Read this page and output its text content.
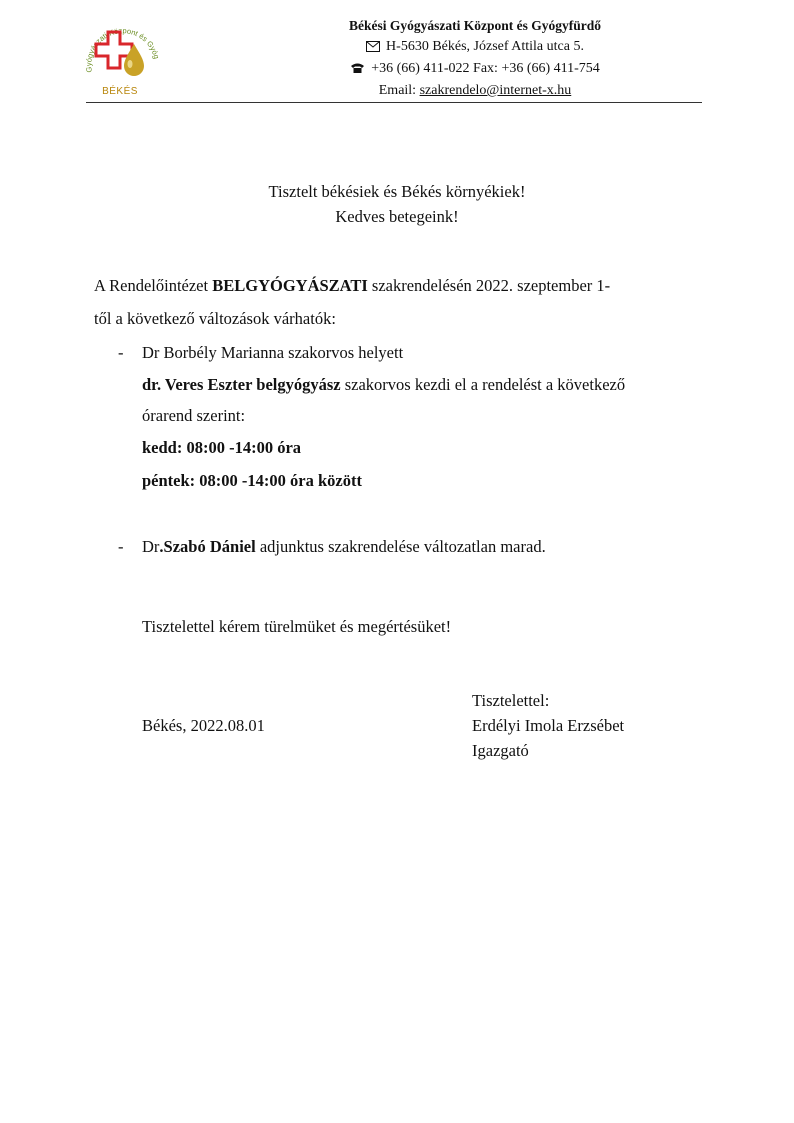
Gyógyászati Központ és Gyóg
BÉKÉS
Békési Gyógyászati Központ és Gyógyfürdő
H-5630 Békés, József Attila utca 5.
+36 (66) 411-022 Fax: +36 (66) 411-754
Email: szakrendelo@internet-x.hu
Tisztelt békésiek és Békés környékiek!
Kedves betegeink!
A Rendelőintézet BELGYÓGYÁSZATI szakrendelésén 2022. szeptember 1-
től a következő változások várhatók:
- Dr Borbély Marianna szakorvos helyett
dr. Veres Eszter belgyógyász szakorvos kezdi el a rendelést a következő
órarend szerint:
kedd: 08:00 -14:00 óra
péntek: 08:00 -14:00 óra között
- Dr.Szabó Dániel adjunktus szakrendelése változatlan marad.
Tisztelettel kérem türelmüket és megértésüket!
Tisztelettel:
Békés, 2022.08.01	Erdélyi Imola Erzsébet
Igazgató
